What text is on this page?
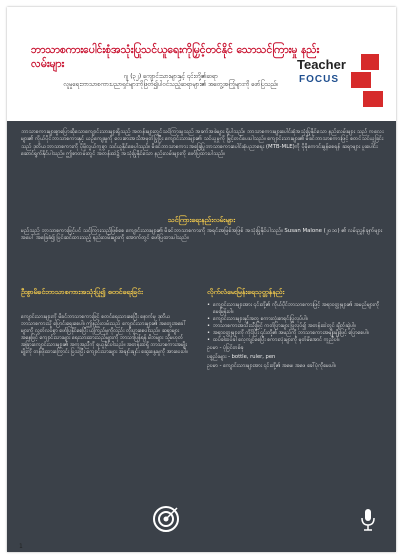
ဘာသာစကားပေါင်းစုံအသုံးပြုသင်ယူရေးကိုမြှင့်တင်နိုင် သောသင်ကြားမှု နည်းလမ်းများ
ဂျ (၃၂) ကျောင်းသားများနှင့် ၎င်းတို့၏ဆရာ
လူမှုရေးဘာသာစကားပညာရှင်များကိုဖြတ်၍ပါဝင်သည့်ဆရာများ၏ အတွေ့အကြုံများကို ဖော်ပြသည်။
Teacher
FOCUS
ဘာသာစကားများစွာပြောဆိုသောကျောင်းသားများရှိသည့် အတန်းများတွင်သင်ကြားမှုသည် အခက်အခဲများ ရှိပါသည်။ ဘာသာစကားများပေါင်းစုံအသုံးပြုနိုင်သော နည်းလမ်းများ သည် ကလေးများ၏ ကိုယ်ပိုင်ဘာသာစကားနှင့် ယဉ်ကျေးမှုကို လေးစားအသိအမှတ်ပြုပြီး ကျောင်းသားများ၏ သင်ယူမှုကို မြှင့်တင်ပေးပါသည်။ ကျောင်းသားများ၏ မိခင်ဘာသာစကားဖြင့် စတင်သင်ယူခြင်းသည် ဒုတိယဘာသာစကားကို ပိုမိုလွယ်ကူစွာ သင်ယူနိုင်စေပါသည်။ မိခင်ဘာသာစကား အခြေပြုဘာသာစကားပေါင်းစုံပညာရေး (MTB-MLE)ကို ပိုမိုကောင်းမွန်စေရန် ဆရာများ ပူးပေါင်း ဆောင်ရွက်နိုင်ပါသည်။ ဤစာတမ်းတွင် အတန်းထဲ၌ အသုံးပြုနိုင်သော နည်းလမ်းများကို ဖော်ပြထားပါသည်။
သင်ကြားရေးနည်းလမ်းများ
မည်သည့် ဘာသာစကားဖြင့်ပင် သင်ကြားသည်ဖြစ်စေ ကျောင်းသားများ၏ မိခင်ဘာသာစကားကို အရင်းအမြစ်အဖြစ် အသုံးပြုနိုင်ပါသည်။ Susan Malone (၂၀၁၀) ၏ လမ်းညွှန်ချက်များအပေါ် အခြေခံ၍ ပြင်ဆင်ထားသည့် နည်းလမ်းများကို အောက်တွင် ဖော်ပြထားပါသည်။
ဦးစွာမိခင်ဘာသာစကားအသုံးပြု၍ စတင်ရေးခြင်း
ကျောင်းသားများကို မိခင်ဘာသာစကားဖြင့် စတင်ရေးသားစေပြီး နောက်မှ ဒုတိယဘာသာစကားသို့ ပြောင်းရေးစေပါ။ ဤနည်းလမ်းသည် ကျောင်းသားများ၏ အတွေးအခေါ်များကို လွတ်လပ်စွာ ဖော်ပြနိုင်စေပြီး ယုံကြည်မှုကိုလည်း တိုးပွားစေပါသည်။ ဆရာများအနေဖြင့် ကျောင်းသားများ ရေးသားထားသည်များကို ဘာသာပြန်ရန် မိဘများ သို့မဟုတ် အခြားကျောင်းသားများ၏ အကူအညီကို ရယူနိုင်ပါသည်။ အတန်းထဲရှိ ဘာသာစကားအမျိုးမျိုးကို တန်ဖိုးထားကြောင်း ပြသပြီး ကျောင်းသားများ အချင်းချင်း ဆွေးနွေးမှုကို အားပေးပါ။
လိုက်လံမေးမြန်းရေသုတ္တန်နည်း
• ကျောင်းသားများအား ၎င်းတို့၏ ကိုယ်ပိုင်ဘာသာစကားဖြင့် အရာဝတ္ထုများ၏ အမည်များကို မေးမြန်းပါ။
• ကျောင်းသားများနှင့်အတူ စကားလုံးစာရင်းပြုလုပ်ပါ။
• ဘာသာစကားအသီးသီးဖြင့် ကတ်ပြားများ ပြုလုပ်၍ အတန်းထဲတွင် ချိတ်ဆွဲပါ။
• အရာဝတ္ထုများကို ကိုင်ပြီး ၎င်းတို့၏ အမည်ကို ဘာသာစကားအမျိုးမျိုးဖြင့် ပြောစေပါ။
• ထပ်ခါထပ်ခါ လေ့ကျင့်စေပြီး စကားလုံးများကို မှတ်မိအောင် ကူညီပါ။

ဥပမာ - ပုံပြင်တစ်ခု

ပစ္စည်းများ - bottle, ruler, pen

ဥပမာ - ကျောင်းသားများအား ၎င်းတို့၏ အမေ၊ အဖေ ခေါ်ပုံကိုမေးပါ။

1
